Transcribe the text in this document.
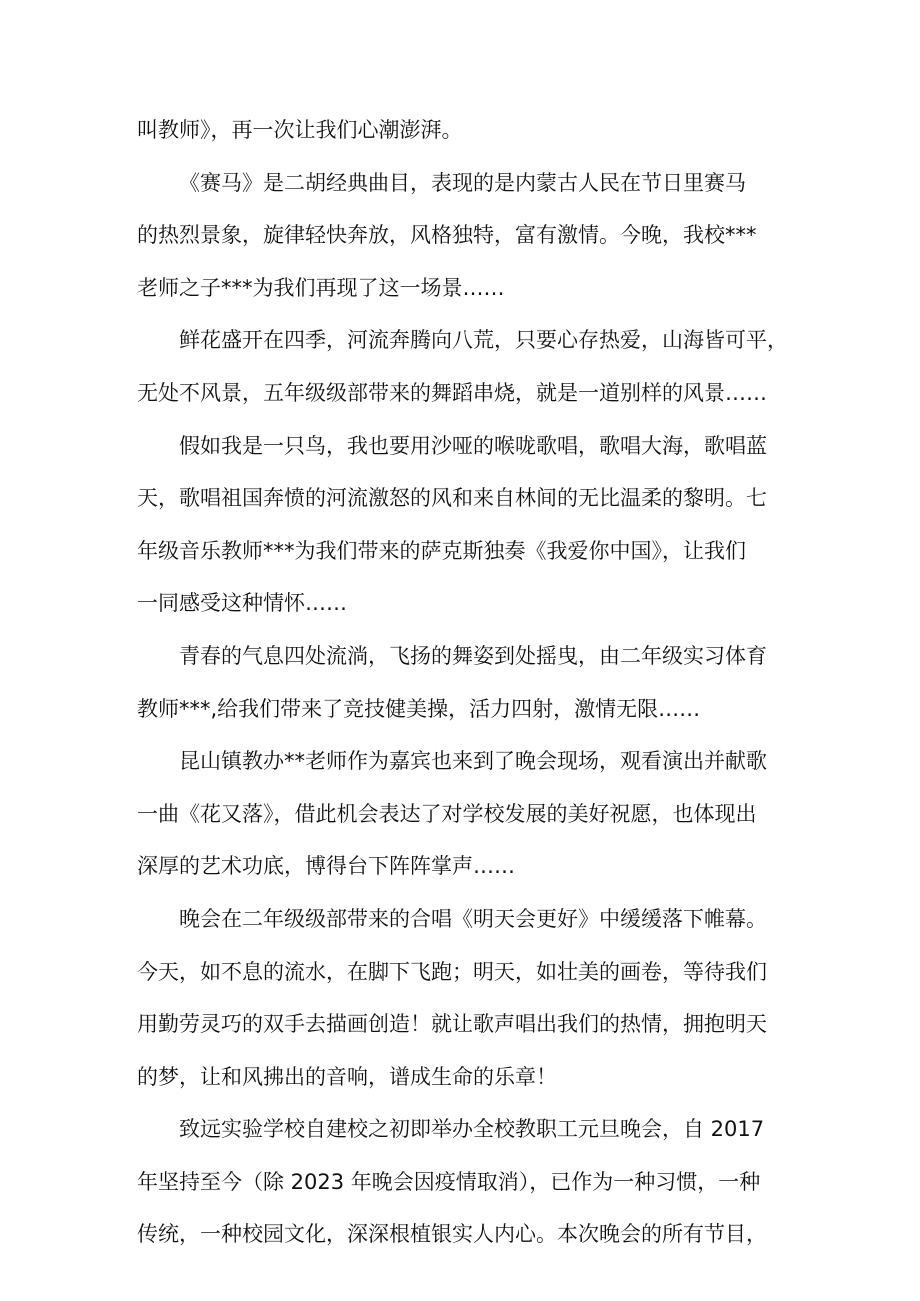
叫教师》，再一次让我们心潮澎湃。

《赛马》是二胡经典曲目，表现的是内蒙古人民在节日里赛马
的热烈景象，旋律轻快奔放，风格独特，富有激情。今晚，我校***
老师之子***为我们再现了这一场景……

鲜花盛开在四季，河流奔腾向八荒，只要心存热爱，山海皆可平，
无处不风景，五年级级部带来的舞蹈串烧，就是一道别样的风景……

假如我是一只鸟，我也要用沙哑的喉咙歌唱，歌唱大海，歌唱蓝
天，歌唱祖国奔愤的河流激怒的风和来自林间的无比温柔的黎明。七
年级音乐教师***为我们带来的萨克斯独奏《我爱你中国》，让我们
一同感受这种情怀……

青春的气息四处流淌，飞扬的舞姿到处摇曳，由二年级实习体育
教师***,给我们带来了竞技健美操，活力四射，激情无限……

昆山镇教办**老师作为嘉宾也来到了晚会现场，观看演出并献歌
一曲《花又落》，借此机会表达了对学校发展的美好祝愿，也体现出
深厚的艺术功底，博得台下阵阵掌声……

晚会在二年级级部带来的合唱《明天会更好》中缓缓落下帷幕。
今天，如不息的流水，在脚下飞跑；明天，如壮美的画卷，等待我们
用勤劳灵巧的双手去描画创造！就让歌声唱出我们的热情，拥抱明天
的梦，让和风拂出的音响，谱成生命的乐章！

致远实验学校自建校之初即举办全校教职工元旦晚会，自 2017
年坚持至今（除 2023 年晚会因疫情取消），已作为一种习惯，一种
传统，一种校园文化，深深根植银实人内心。本次晚会的所有节目，
